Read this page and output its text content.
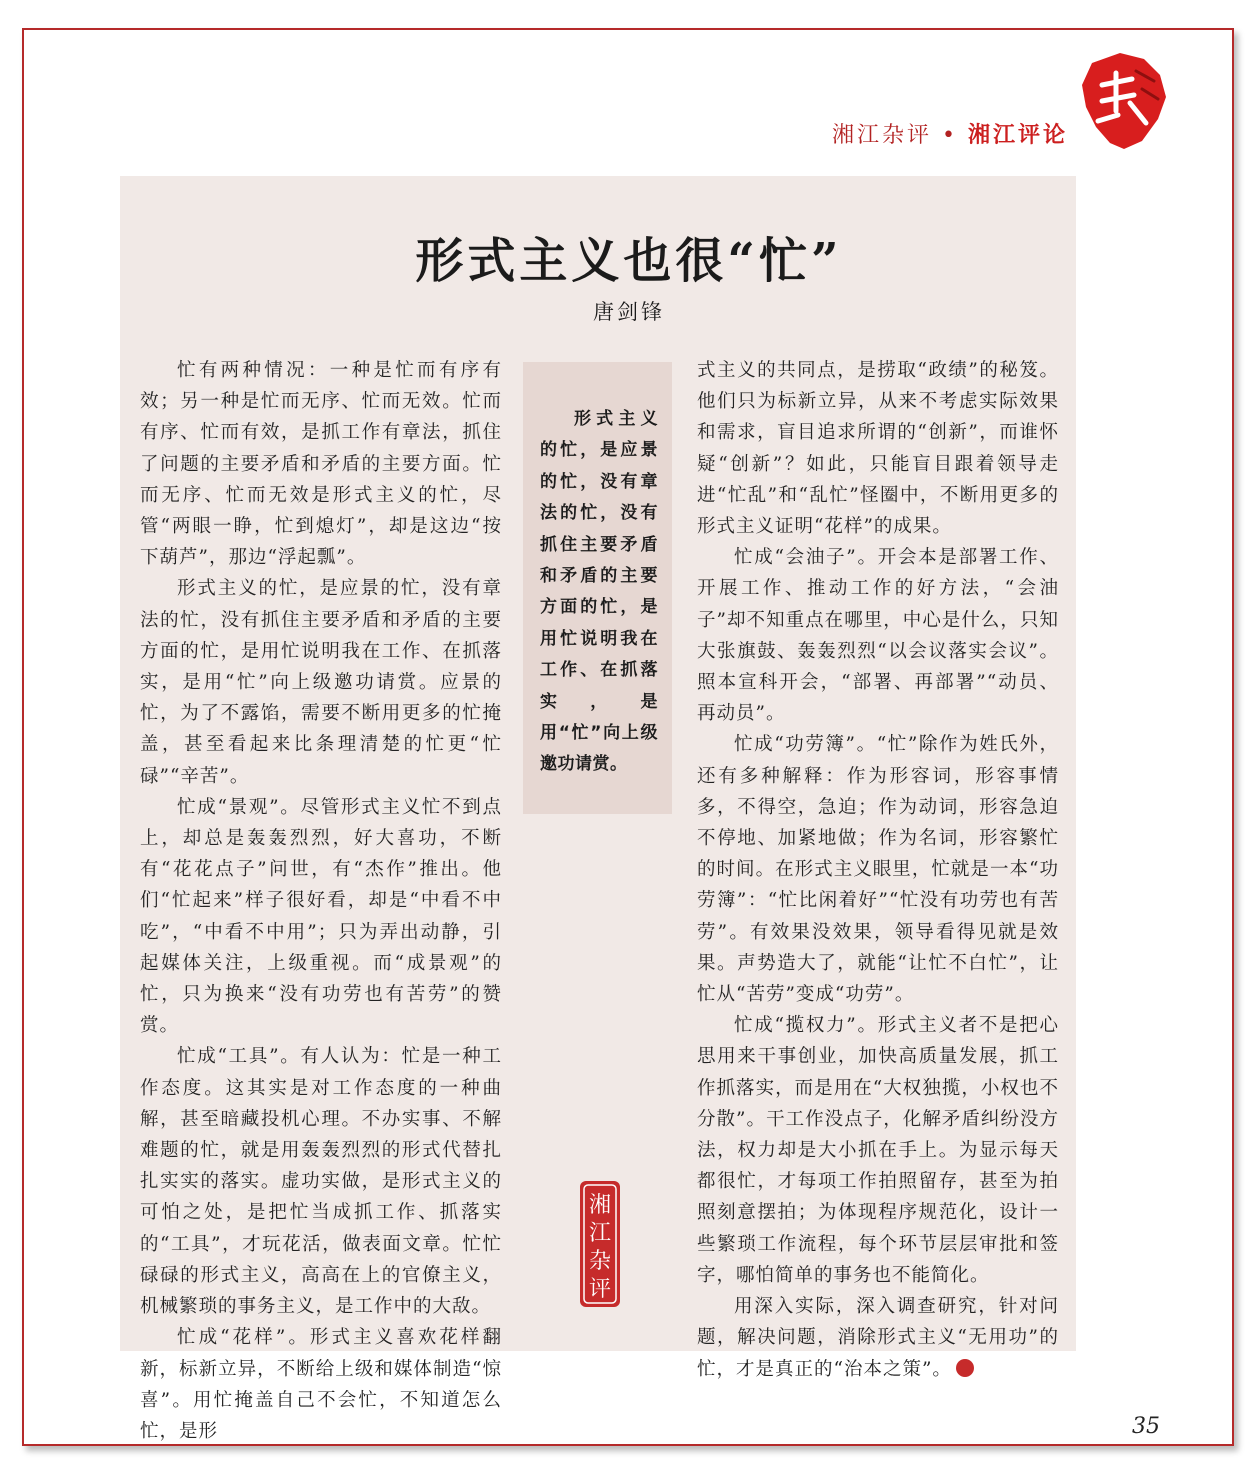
湘江杂评 • 湘江评论
形式主义也很“忙”
唐剑锋

忙有两种情况：一种是忙而有序有效；另一种是忙而无序、忙而无效。忙而有序、忙而有效，是抓工作有章法，抓住了问题的主要矛盾和矛盾的主要方面。忙而无序、忙而无效是形式主义的忙，尽管“两眼一睁，忙到熄灯”，却是这边“按下葫芦”，那边“浮起瓢”。

形式主义的忙，是应景的忙，没有章法的忙，没有抓住主要矛盾和矛盾的主要方面的忙，是用忙说明我在工作、在抓落实，是用“忙”向上级邀功请赏。应景的忙，为了不露馅，需要不断用更多的忙掩盖，甚至看起来比条理清楚的忙更“忙碌”“辛苦”。

忙成“景观”。尽管形式主义忙不到点上，却总是轰轰烈烈，好大喜功，不断有“花花点子”问世，有“杰作”推出。他们“忙起来”样子很好看，却是“中看不中吃”，“中看不中用”；只为弄出动静，引起媒体关注，上级重视。而“成景观”的忙，只为换来“没有功劳也有苦劳”的赞赏。

忙成“工具”。有人认为：忙是一种工作态度。这其实是对工作态度的一种曲解，甚至暗藏投机心理。不办实事、不解难题的忙，就是用轰轰烈烈的形式代替扎扎实实的落实。虚功实做，是形式主义的可怕之处，是把忙当成抓工作、抓落实的“工具”，才玩花活，做表面文章。忙忙碌碌的形式主义，高高在上的官僚主义，机械繁琐的事务主义，是工作中的大敌。

忙成“花样”。形式主义喜欢花样翻新，标新立异，不断给上级和媒体制造“惊喜”。用忙掩盖自己不会忙，不知道怎么忙，是形

形式主义的忙，是应景的忙，没有章法的忙，没有抓住主要矛盾和矛盾的主要方面的忙，是用忙说明我在工作、在抓落实，是用“忙”向上级邀功请赏。
湘
江
杂
评

式主义的共同点，是捞取“政绩”的秘笈。他们只为标新立异，从来不考虑实际效果和需求，盲目追求所谓的“创新”，而谁怀疑“创新”？如此，只能盲目跟着领导走进“忙乱”和“乱忙”怪圈中，不断用更多的形式主义证明“花样”的成果。

忙成“会油子”。开会本是部署工作、开展工作、推动工作的好方法，“会油子”却不知重点在哪里，中心是什么，只知大张旗鼓、轰轰烈烈“以会议落实会议”。照本宣科开会，“部署、再部署”“动员、再动员”。

忙成“功劳簿”。“忙”除作为姓氏外，还有多种解释：作为形容词，形容事情多，不得空，急迫；作为动词，形容急迫不停地、加紧地做；作为名词，形容繁忙的时间。在形式主义眼里，忙就是一本“功劳簿”：“忙比闲着好”“忙没有功劳也有苦劳”。有效果没效果，领导看得见就是效果。声势造大了，就能“让忙不白忙”，让忙从“苦劳”变成“功劳”。

忙成“揽权力”。形式主义者不是把心思用来干事创业，加快高质量发展，抓工作抓落实，而是用在“大权独揽，小权也不分散”。干工作没点子，化解矛盾纠纷没方法，权力却是大小抓在手上。为显示每天都很忙，才每项工作拍照留存，甚至为拍照刻意摆拍；为体现程序规范化，设计一些繁琐工作流程，每个环节层层审批和签字，哪怕简单的事务也不能简化。

用深入实际，深入调查研究，针对问题，解决问题，消除形式主义“无用功”的忙，才是真正的“治本之策”。

35
